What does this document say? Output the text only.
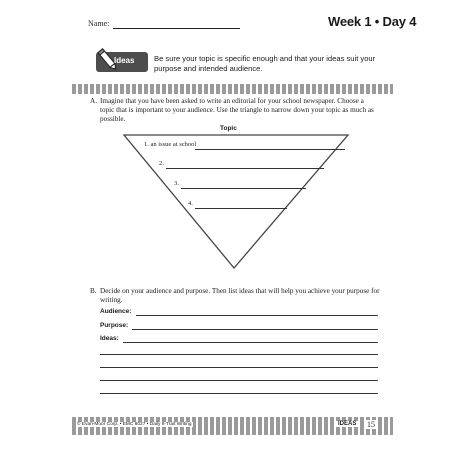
Name:	Week 1 • Day 4
Ideas	Be sure your topic is specific enough and that your ideas suit your purpose and intended audience.
A. Imagine that you have been asked to write an editorial for your school newspaper. Choose a topic that is important to your audience. Use the triangle to narrow down your topic as much as possible.
Topic
1. an issue at school
2.
3.
4.
B. Decide on your audience and purpose. Then list ideas that will help you achieve your purpose for writing.
Audience:
Purpose:
Ideas:
© Evan-Moor Corp. • EMC 6027 • Daily 6-Trait Writing	IDEAS 15
